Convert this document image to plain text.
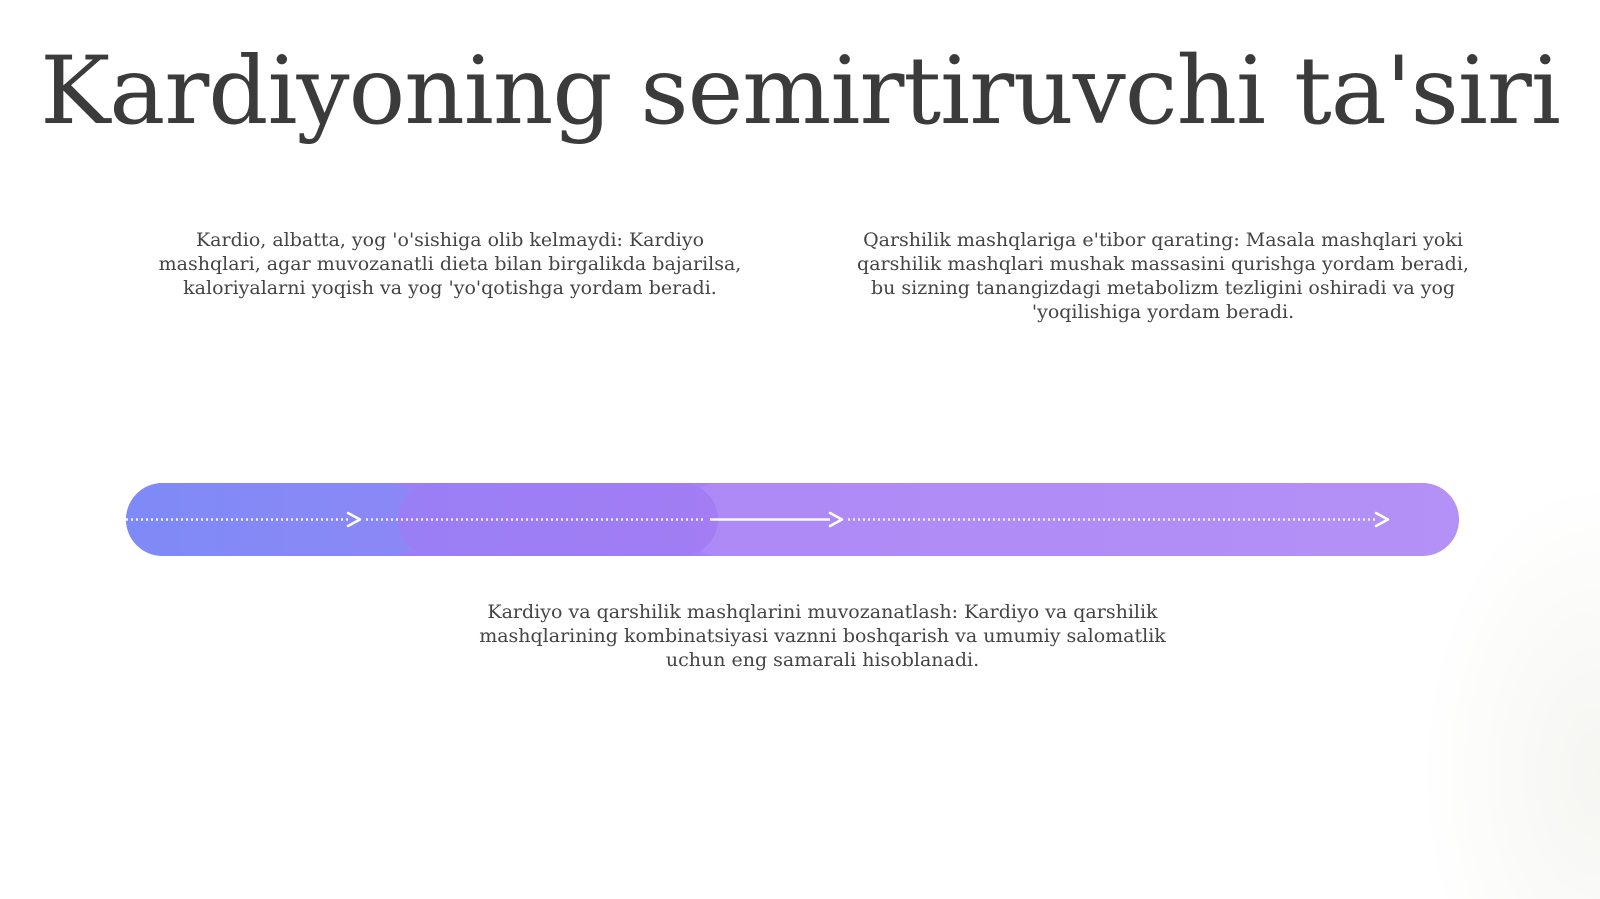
Kardiyoning semirtiruvchi ta'siri
Kardio, albatta, yog 'o'sishiga olib kelmaydi: Kardiyo mashqlari, agar muvozanatli dieta bilan birgalikda bajarilsa, kaloriyalarni yoqish va yog 'yo'qotishga yordam beradi.
Qarshilik mashqlariga e'tibor qarating: Masala mashqlari yoki qarshilik mashqlari mushak massasini qurishga yordam beradi, bu sizning tanangizdagi metabolizm tezligini oshiradi va yog 'yoqilishiga yordam beradi.
Kardiyo va qarshilik mashqlarini muvozanatlash: Kardiyo va qarshilik mashqlarining kombinatsiyasi vaznni boshqarish va umumiy salomatlik uchun eng samarali hisoblanadi.
